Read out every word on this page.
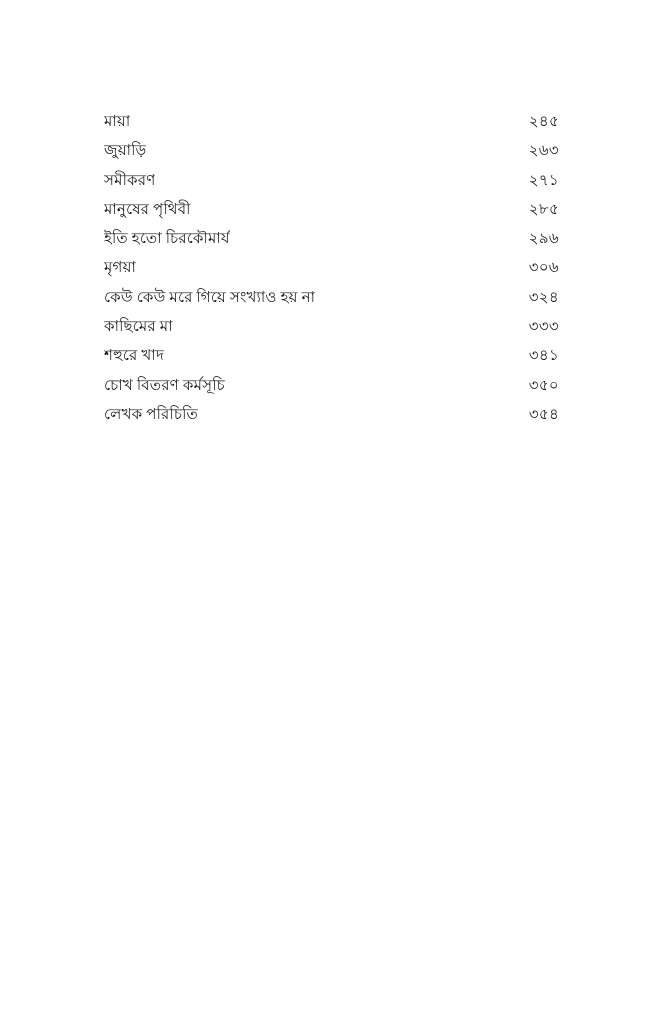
মায়া	২৪৫
জুয়াড়ি	২৬৩
সমীকরণ	২৭১
মানুষের পৃথিবী	২৮৫
ইতি হতো চিরকৌমার্য	২৯৬
মৃগয়া	৩০৬
কেউ কেউ মরে গিয়ে সংখ্যাও হয় না	৩২৪
কাছিমের মা	৩৩৩
শহুরে খাদ	৩৪১
চোখ বিতরণ কর্মসূচি	৩৫০
লেখক পরিচিতি	৩৫৪
